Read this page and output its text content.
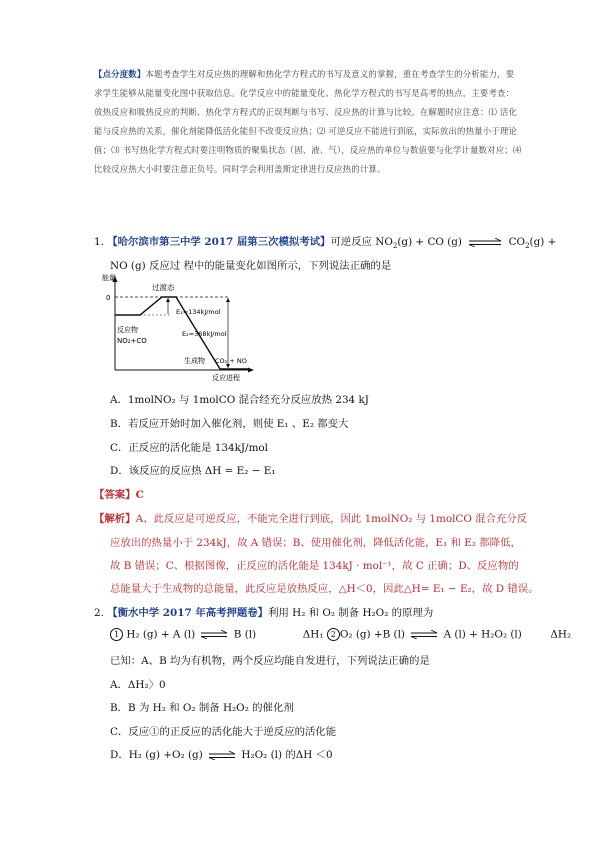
【点分度数】本题考查学生对反应热的理解和热化学方程式的书写及意义的掌握，重在考查学生的分析能力，要求学生能够从能量变化图中获取信息。化学反应中的能量变化、热化学方程式的书写是高考的热点，主要考查：放热反应和吸热反应的判断、热化学方程式的正误判断与书写、反应热的计算与比较。在解题时应注意：⑴ 活化能与反应热的关系，催化剂能降低活化能但不改变反应热；⑵ 可逆反应不能进行到底，实际放出的热量小于理论值；⑶ 书写热化学方程式时要注明物质的聚集状态（固、液、气），反应热的单位与数值要与化学计量数对应；⑷ 比较反应热大小时要注意正负号。同时学会利用盖斯定律进行反应热的计算。
1. 【哈尔滨市第三中学 2017 届第三次模拟考试】可逆反应 $NO_2(g)$ + CO (g) ⇌ $CO_2(g)$ +
NO (g) 反应过 程中的能量变化如图所示，下列说法正确的是
能量
0
过渡态
E₁=134kJ/mol
E₂=368kJ/mol
反应物
NO₂+CO
生成物 CO₂ + NO
反应进程
A．1molNO₂ 与 1molCO 混合经充分反应放热 234 kJ
B．若反应开始时加入催化剂，则使 E₁ 、E₂ 都变大
C．正反应的活化能是 134kJ/mol
D．该反应的反应热 ΔH = E₂ − E₁
【答案】C
【解析】A、此反应是可逆反应，不能完全进行到底，因此 1molNO₂ 与 1molCO 混合充分反
应放出的热量小于 234kJ，故 A 错误；B、使用催化剂，降低活化能，E₁ 和 E₂ 都降低，
故 B 错误；C、根据图像，正反应的活化能是 134kJ · mol⁻¹，故 C 正确；D、反应物的
总能量大于生成物的总能量，此反应是放热反应，△H＜0，因此△H= E₁ − E₂，故 D 错误。
2. 【衡水中学 2017 年高考押题卷】利用 H₂ 和 O₂ 制备 H₂O₂ 的原理为
1 H₂ (g) + A (l) ⇌ B (l)	ΔH₁ 2 O₂ (g) +B (l) ⇌ A (l) + H₂O₂ (l)	ΔH₂
已知：A、B 均为有机物，两个反应均能自发进行，下列说法正确的是
A．ΔH₂〉0
B．B 为 H₂ 和 O₂ 制备 H₂O₂ 的催化剂
C．反应①的正反应的活化能大于逆反应的活化能
D．H₂ (g) +O₂ (g) ⇌ H₂O₂ (l) 的ΔH ＜0
